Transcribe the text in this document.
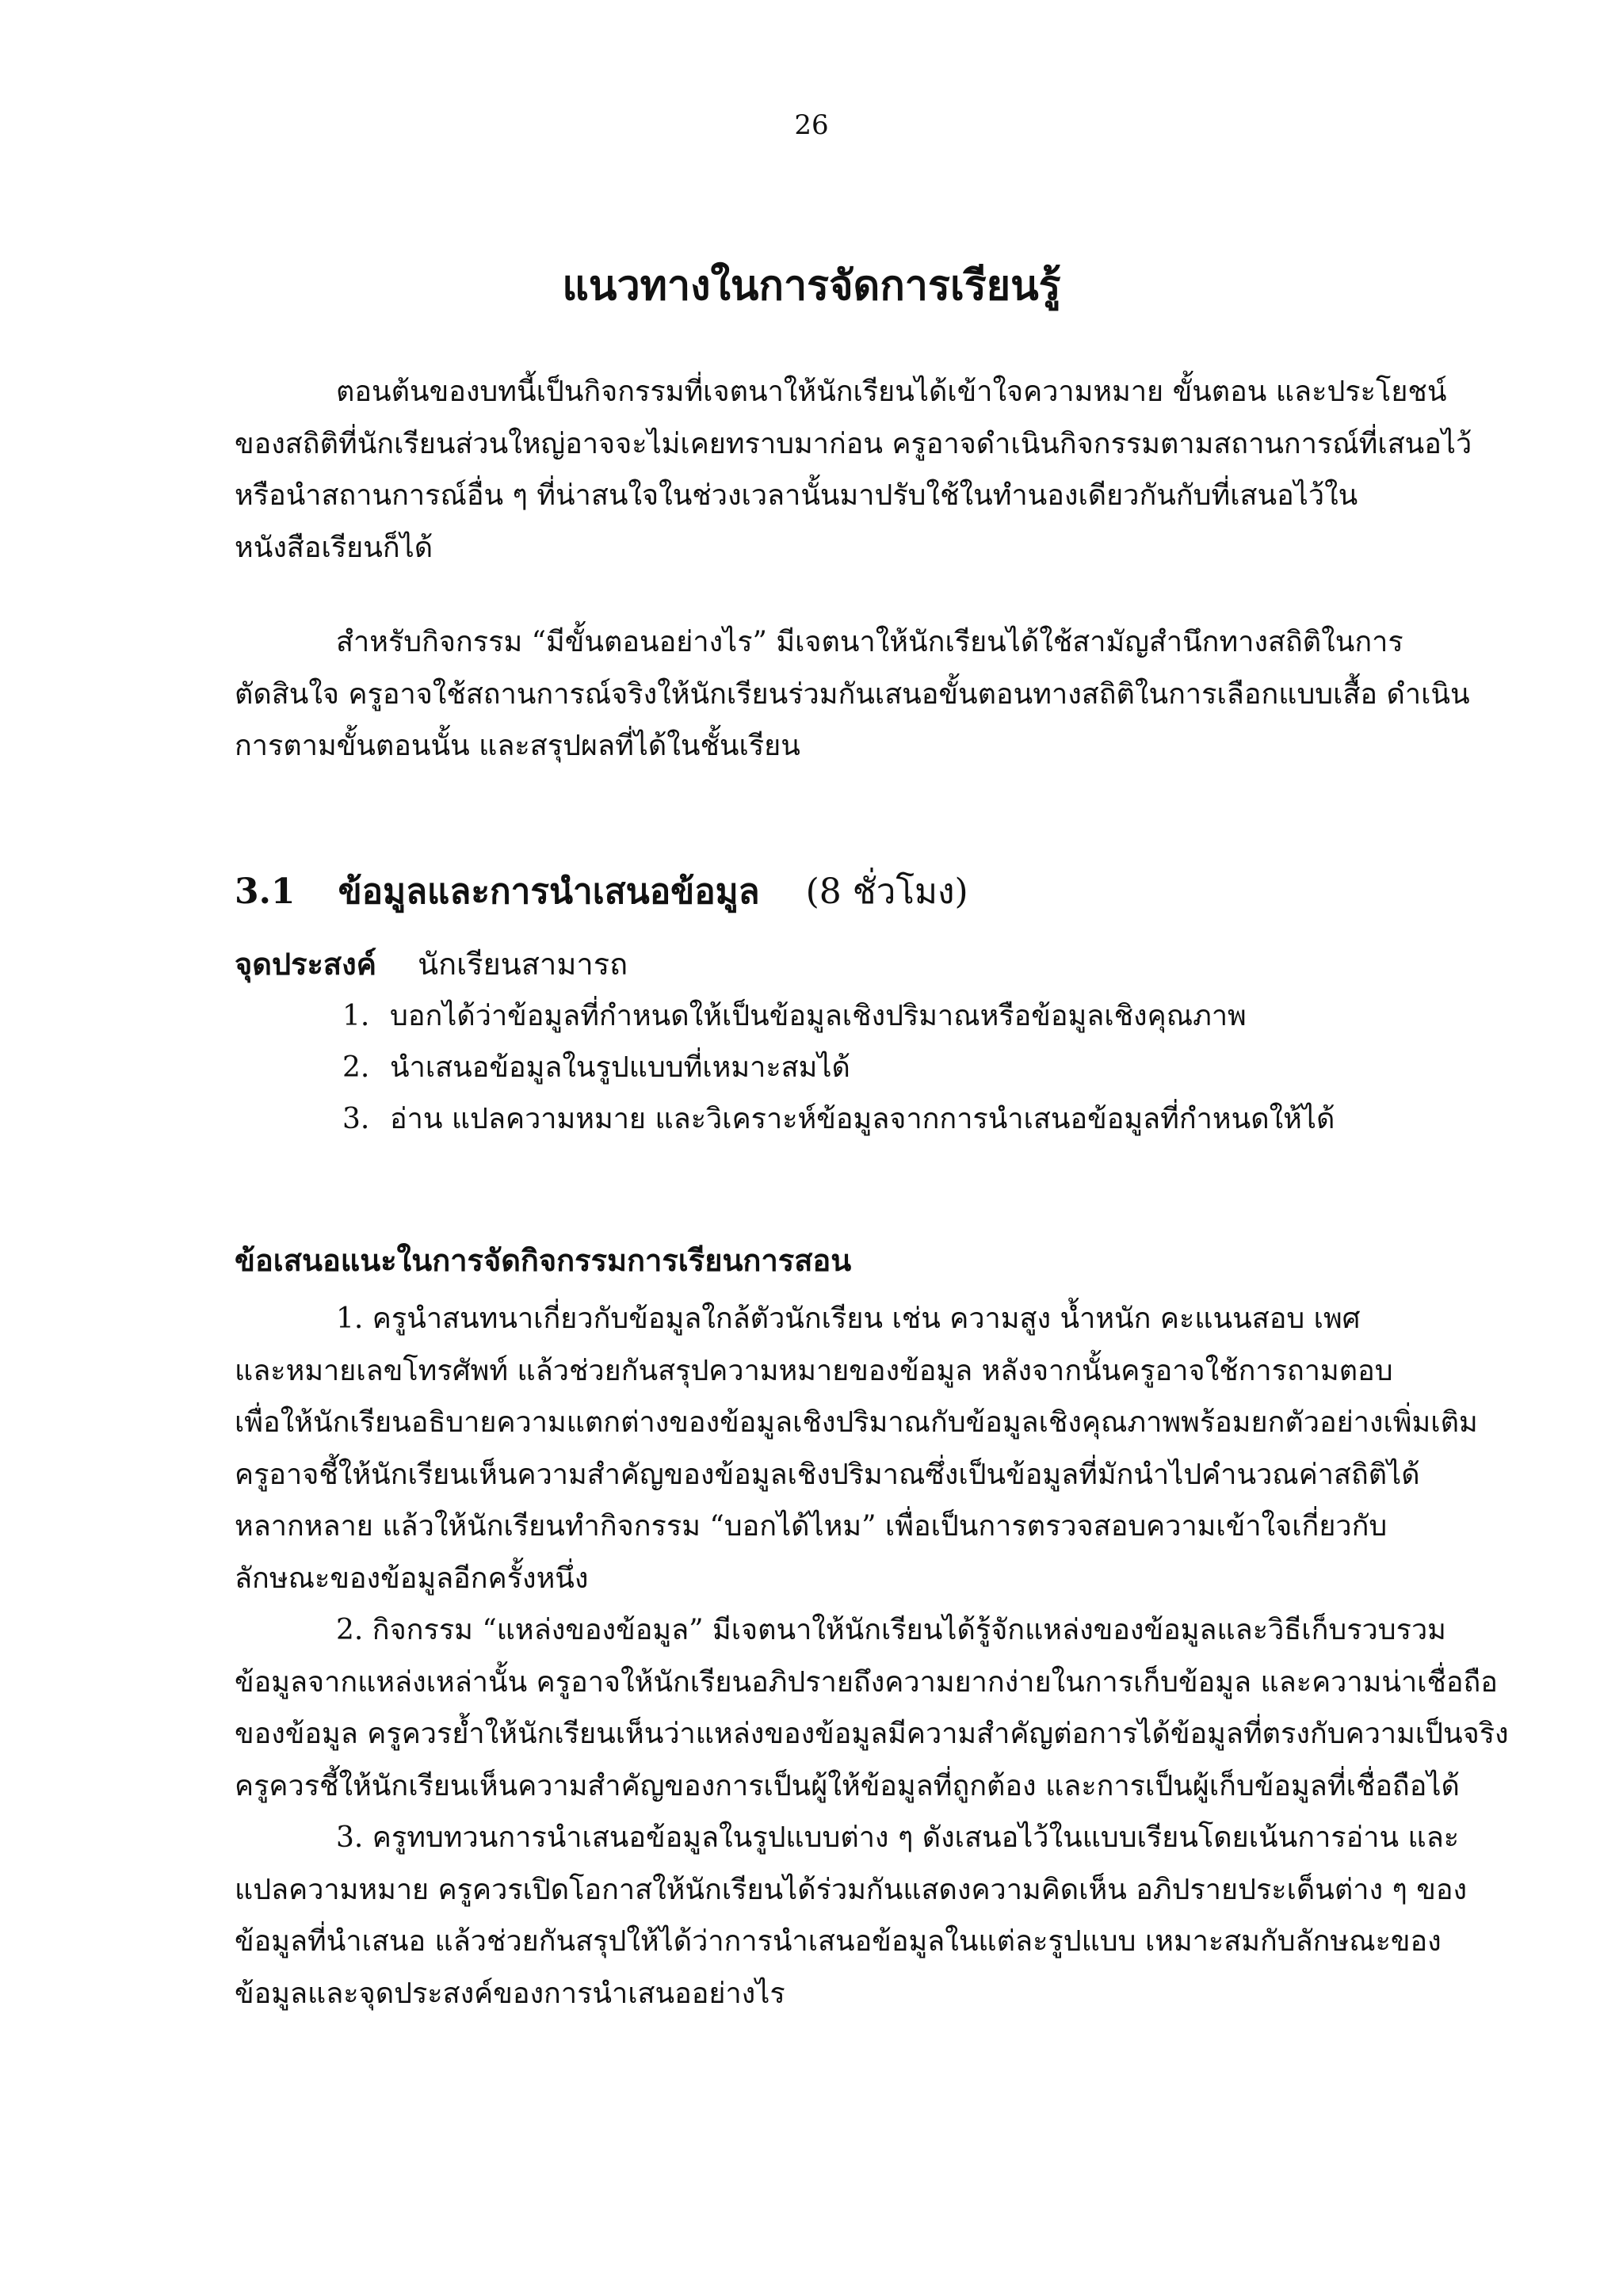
26
แนวทางในการจัดการเรียนรู้
ตอนต้นของบทนี้เป็นกิจกรรมที่เจตนาให้นักเรียนได้เข้าใจความหมาย ขั้นตอน และประโยชน์
ของสถิติที่นักเรียนส่วนใหญ่อาจจะไม่เคยทราบมาก่อน ครูอาจดำเนินกิจกรรมตามสถานการณ์ที่เสนอไว้
หรือนำสถานการณ์อื่น ๆ ที่น่าสนใจในช่วงเวลานั้นมาปรับใช้ในทำนองเดียวกันกับที่เสนอไว้ใน
หนังสือเรียนก็ได้
สำหรับกิจกรรม “มีขั้นตอนอย่างไร” มีเจตนาให้นักเรียนได้ใช้สามัญสำนึกทางสถิติในการ
ตัดสินใจ ครูอาจใช้สถานการณ์จริงให้นักเรียนร่วมกันเสนอขั้นตอนทางสถิติในการเลือกแบบเสื้อ ดำเนิน
การตามขั้นตอนนั้น และสรุปผลที่ได้ในชั้นเรียน
3.1 ข้อมูลและการนำเสนอข้อมูล (8 ชั่วโมง)
จุดประสงค์ นักเรียนสามารถ
1. บอกได้ว่าข้อมูลที่กำหนดให้เป็นข้อมูลเชิงปริมาณหรือข้อมูลเชิงคุณภาพ
2. นำเสนอข้อมูลในรูปแบบที่เหมาะสมได้
3. อ่าน แปลความหมาย และวิเคราะห์ข้อมูลจากการนำเสนอข้อมูลที่กำหนดให้ได้
ข้อเสนอแนะในการจัดกิจกรรมการเรียนการสอน
1. ครูนำสนทนาเกี่ยวกับข้อมูลใกล้ตัวนักเรียน เช่น ความสูง น้ำหนัก คะแนนสอบ เพศ
และหมายเลขโทรศัพท์ แล้วช่วยกันสรุปความหมายของข้อมูล หลังจากนั้นครูอาจใช้การถามตอบ
เพื่อให้นักเรียนอธิบายความแตกต่างของข้อมูลเชิงปริมาณกับข้อมูลเชิงคุณภาพพร้อมยกตัวอย่างเพิ่มเติม
ครูอาจชี้ให้นักเรียนเห็นความสำคัญของข้อมูลเชิงปริมาณซึ่งเป็นข้อมูลที่มักนำไปคำนวณค่าสถิติได้
หลากหลาย แล้วให้นักเรียนทำกิจกรรม “บอกได้ไหม” เพื่อเป็นการตรวจสอบความเข้าใจเกี่ยวกับ
ลักษณะของข้อมูลอีกครั้งหนึ่ง
2. กิจกรรม “แหล่งของข้อมูล” มีเจตนาให้นักเรียนได้รู้จักแหล่งของข้อมูลและวิธีเก็บรวบรวม
ข้อมูลจากแหล่งเหล่านั้น ครูอาจให้นักเรียนอภิปรายถึงความยากง่ายในการเก็บข้อมูล และความน่าเชื่อถือ
ของข้อมูล ครูควรย้ำให้นักเรียนเห็นว่าแหล่งของข้อมูลมีความสำคัญต่อการได้ข้อมูลที่ตรงกับความเป็นจริง
ครูควรชี้ให้นักเรียนเห็นความสำคัญของการเป็นผู้ให้ข้อมูลที่ถูกต้อง และการเป็นผู้เก็บข้อมูลที่เชื่อถือได้
3. ครูทบทวนการนำเสนอข้อมูลในรูปแบบต่าง ๆ ดังเสนอไว้ในแบบเรียนโดยเน้นการอ่าน และ
แปลความหมาย ครูควรเปิดโอกาสให้นักเรียนได้ร่วมกันแสดงความคิดเห็น อภิปรายประเด็นต่าง ๆ ของ
ข้อมูลที่นำเสนอ แล้วช่วยกันสรุปให้ได้ว่าการนำเสนอข้อมูลในแต่ละรูปแบบ เหมาะสมกับลักษณะของ
ข้อมูลและจุดประสงค์ของการนำเสนออย่างไร
